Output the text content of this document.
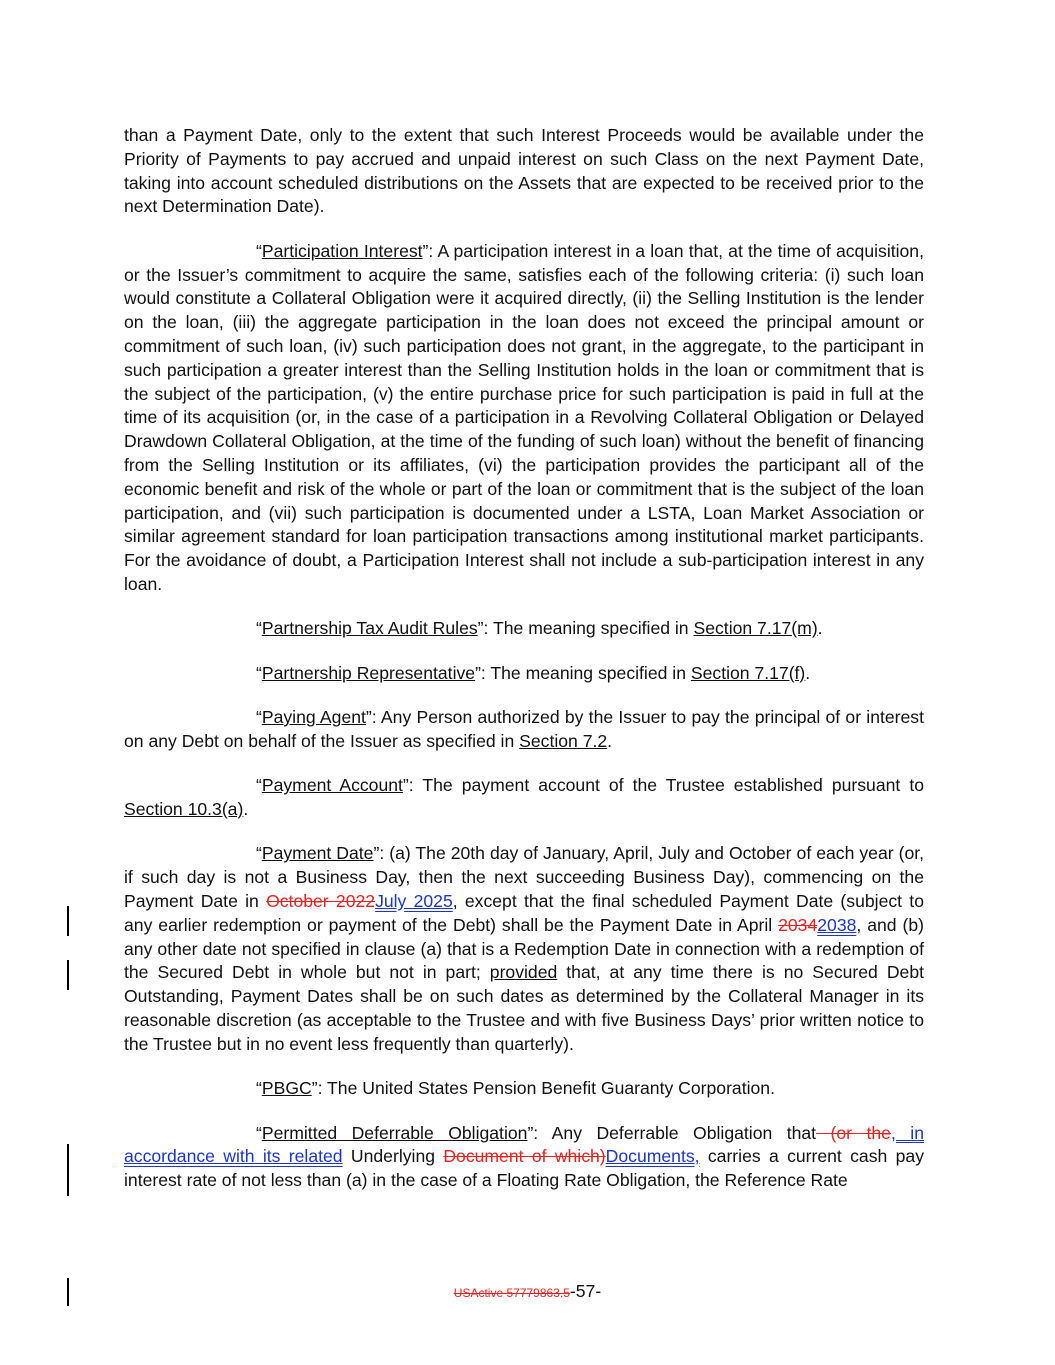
than a Payment Date, only to the extent that such Interest Proceeds would be available under the Priority of Payments to pay accrued and unpaid interest on such Class on the next Payment Date, taking into account scheduled distributions on the Assets that are expected to be received prior to the next Determination Date).

“Participation Interest”: A participation interest in a loan that, at the time of acquisition, or the Issuer’s commitment to acquire the same, satisfies each of the following criteria: (i) such loan would constitute a Collateral Obligation were it acquired directly, (ii) the Selling Institution is the lender on the loan, (iii) the aggregate participation in the loan does not exceed the principal amount or commitment of such loan, (iv) such participation does not grant, in the aggregate, to the participant in such participation a greater interest than the Selling Institution holds in the loan or commitment that is the subject of the participation, (v) the entire purchase price for such participation is paid in full at the time of its acquisition (or, in the case of a participation in a Revolving Collateral Obligation or Delayed Drawdown Collateral Obligation, at the time of the funding of such loan) without the benefit of financing from the Selling Institution or its affiliates, (vi) the participation provides the participant all of the economic benefit and risk of the whole or part of the loan or commitment that is the subject of the loan participation, and (vii) such participation is documented under a LSTA, Loan Market Association or similar agreement standard for loan participation transactions among institutional market participants. For the avoidance of doubt, a Participation Interest shall not include a sub-participation interest in any loan.

“Partnership Tax Audit Rules”: The meaning specified in Section 7.17(m).

“Partnership Representative”: The meaning specified in Section 7.17(f).

“Paying Agent”: Any Person authorized by the Issuer to pay the principal of or interest on any Debt on behalf of the Issuer as specified in Section 7.2.

“Payment Account”: The payment account of the Trustee established pursuant to Section 10.3(a).

“Payment Date”: (a) The 20th day of January, April, July and October of each year (or, if such day is not a Business Day, then the next succeeding Business Day), commencing on the Payment Date in October 2022July 2025, except that the final scheduled Payment Date (subject to any earlier redemption or payment of the Debt) shall be the Payment Date in April 20342038, and (b) any other date not specified in clause (a) that is a Redemption Date in connection with a redemption of the Secured Debt in whole but not in part; provided that, at any time there is no Secured Debt Outstanding, Payment Dates shall be on such dates as determined by the Collateral Manager in its reasonable discretion (as acceptable to the Trustee and with five Business Days’ prior written notice to the Trustee but in no event less frequently than quarterly).

“PBGC”: The United States Pension Benefit Guaranty Corporation.

“Permitted Deferrable Obligation”: Any Deferrable Obligation that (or the, in accordance with its related Underlying Document of which)Documents, carries a current cash pay interest rate of not less than (a) in the case of a Floating Rate Obligation, the Reference Rate

USActive 57779863.5-57-
